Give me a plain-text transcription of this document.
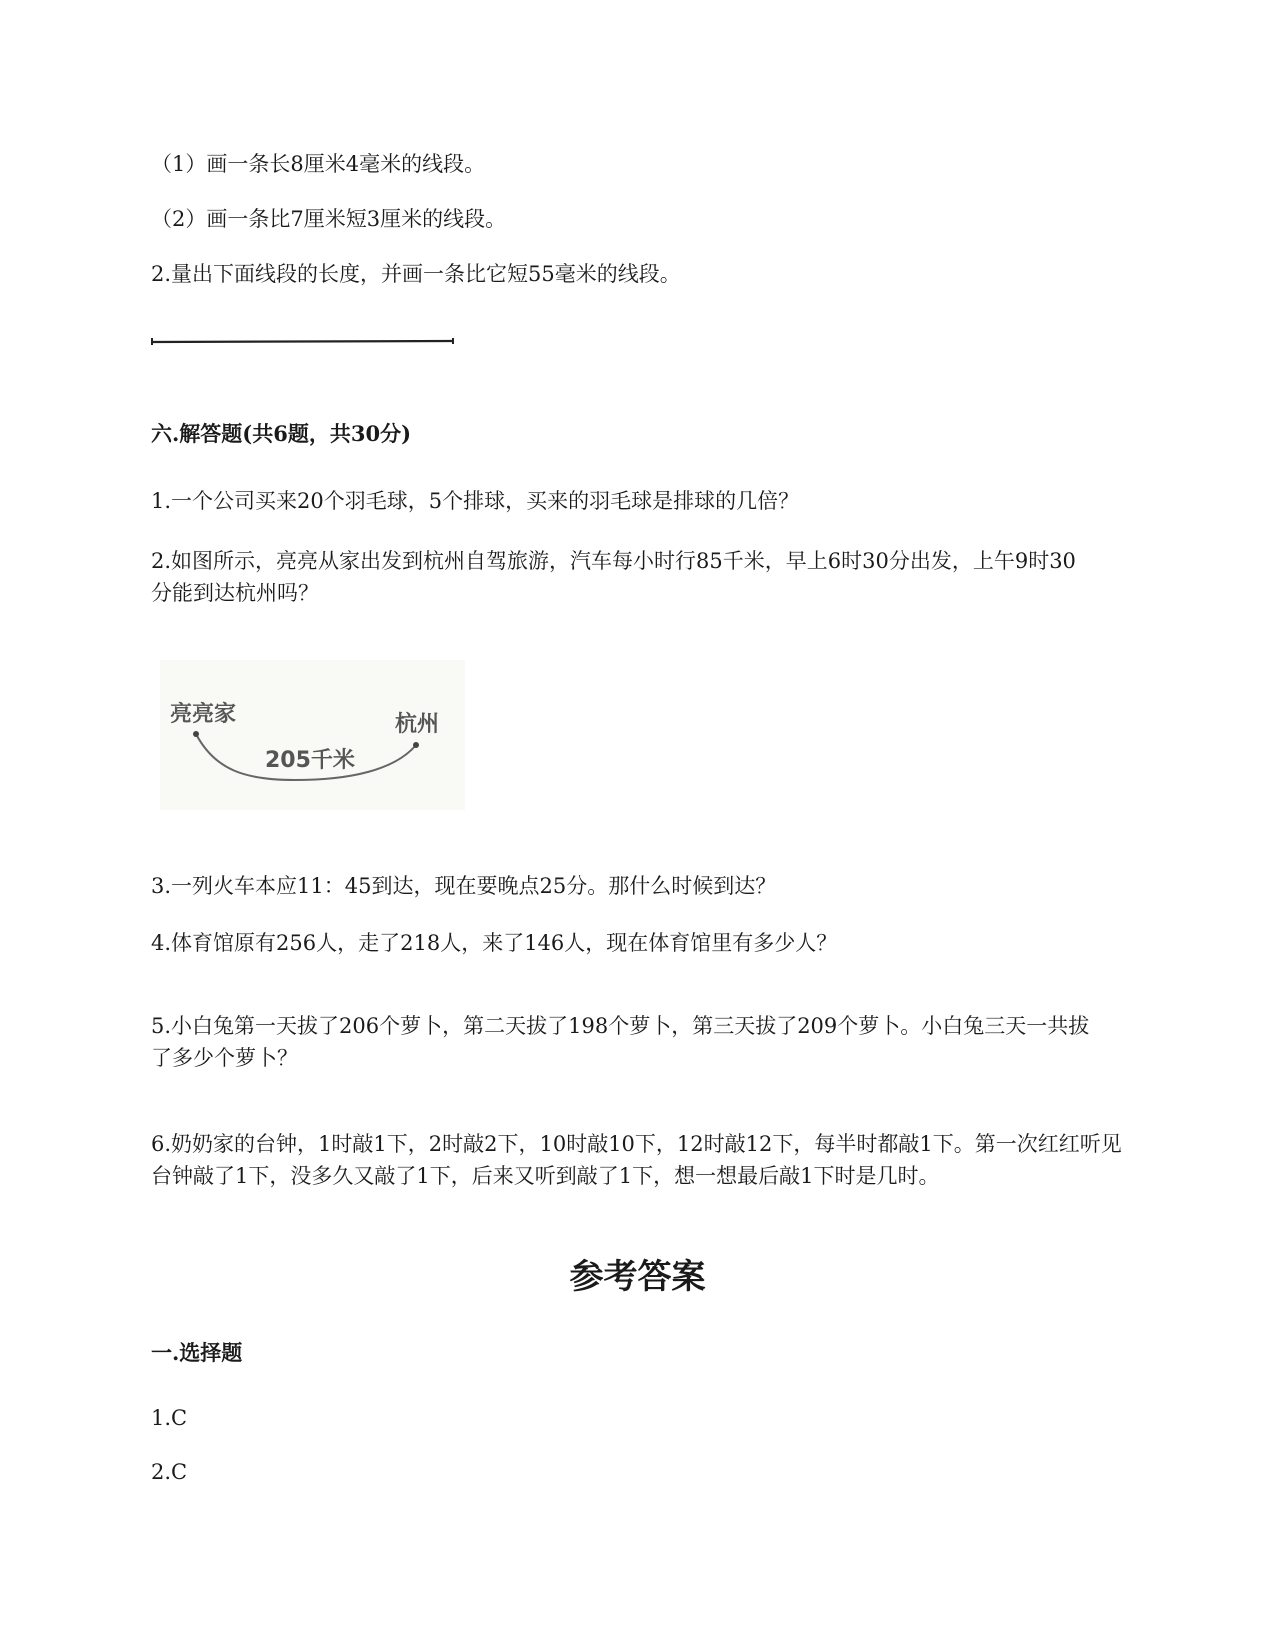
（1）画一条长8厘米4毫米的线段。
（2）画一条比7厘米短3厘米的线段。
2.量出下面线段的长度，并画一条比它短55毫米的线段。
六.解答题(共6题，共30分)
1.一个公司买来20个羽毛球，5个排球，买来的羽毛球是排球的几倍？
2.如图所示，亮亮从家出发到杭州自驾旅游，汽车每小时行85千米，早上6时30分出发，上午9时30分能到达杭州吗？
亮亮家	杭州
205千米
3.一列火车本应11：45到达，现在要晚点25分。那什么时候到达？
4.体育馆原有256人，走了218人，来了146人，现在体育馆里有多少人？
5.小白兔第一天拔了206个萝卜，第二天拔了198个萝卜，第三天拔了209个萝卜。小白兔三天一共拔了多少个萝卜？
6.奶奶家的台钟，1时敲1下，2时敲2下，10时敲10下，12时敲12下，每半时都敲1下。第一次红红听见台钟敲了1下，没多久又敲了1下，后来又听到敲了1下，想一想最后敲1下时是几时。
参考答案
一.选择题
1.C
2.C
